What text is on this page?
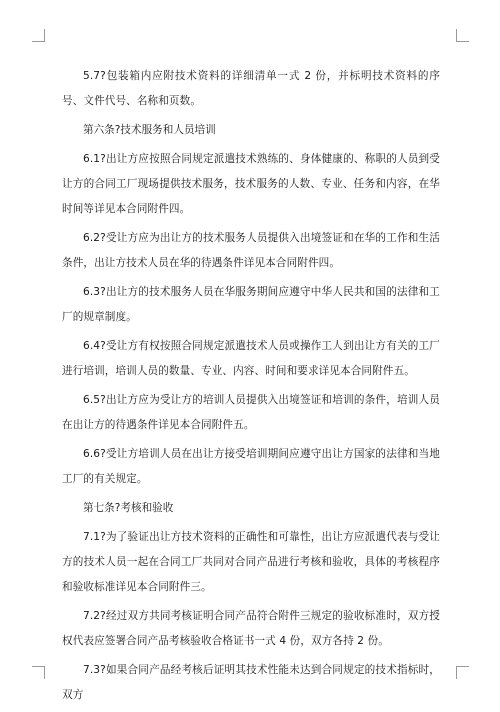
5.7?包装箱内应附技术资料的详细清单一式 2 份，并标明技术资料的序号、文件代号、名称和页数。

第六条?技术服务和人员培训

6.1?出让方应按照合同规定派遣技术熟练的、身体健康的、称职的人员到受让方的合同工厂现场提供技术服务，技术服务的人数、专业、任务和内容，在华时间等详见本合同附件四。

6.2?受让方应为出让方的技术服务人员提供入出境签证和在华的工作和生活条件，出让方技术人员在华的待遇条件详见本合同附件四。

6.3?出让方的技术服务人员在华服务期间应遵守中华人民共和国的法律和工厂的规章制度。

6.4?受让方有权按照合同规定派遣技术人员或操作工人到出让方有关的工厂进行培训，培训人员的数量、专业、内容、时间和要求详见本合同附件五。

6.5?出让方应为受让方的培训人员提供入出境签证和培训的条件，培训人员在出让方的待遇条件详见本合同附件五。

6.6?受让方培训人员在出让方接受培训期间应遵守出让方国家的法律和当地工厂的有关规定。

第七条?考核和验收

7.1?为了验证出让方技术资料的正确性和可靠性，出让方应派遣代表与受让方的技术人员一起在合同工厂共同对合同产品进行考核和验收，具体的考核程序和验收标准详见本合同附件三。

7.2?经过双方共同考核证明合同产品符合附件三规定的验收标准时，双方授权代表应签署合同产品考核验收合格证书一式 4 份，双方各持 2 份。

7.3?如果合同产品经考核后证明其技术性能未达到合同规定的技术指标时，双方
